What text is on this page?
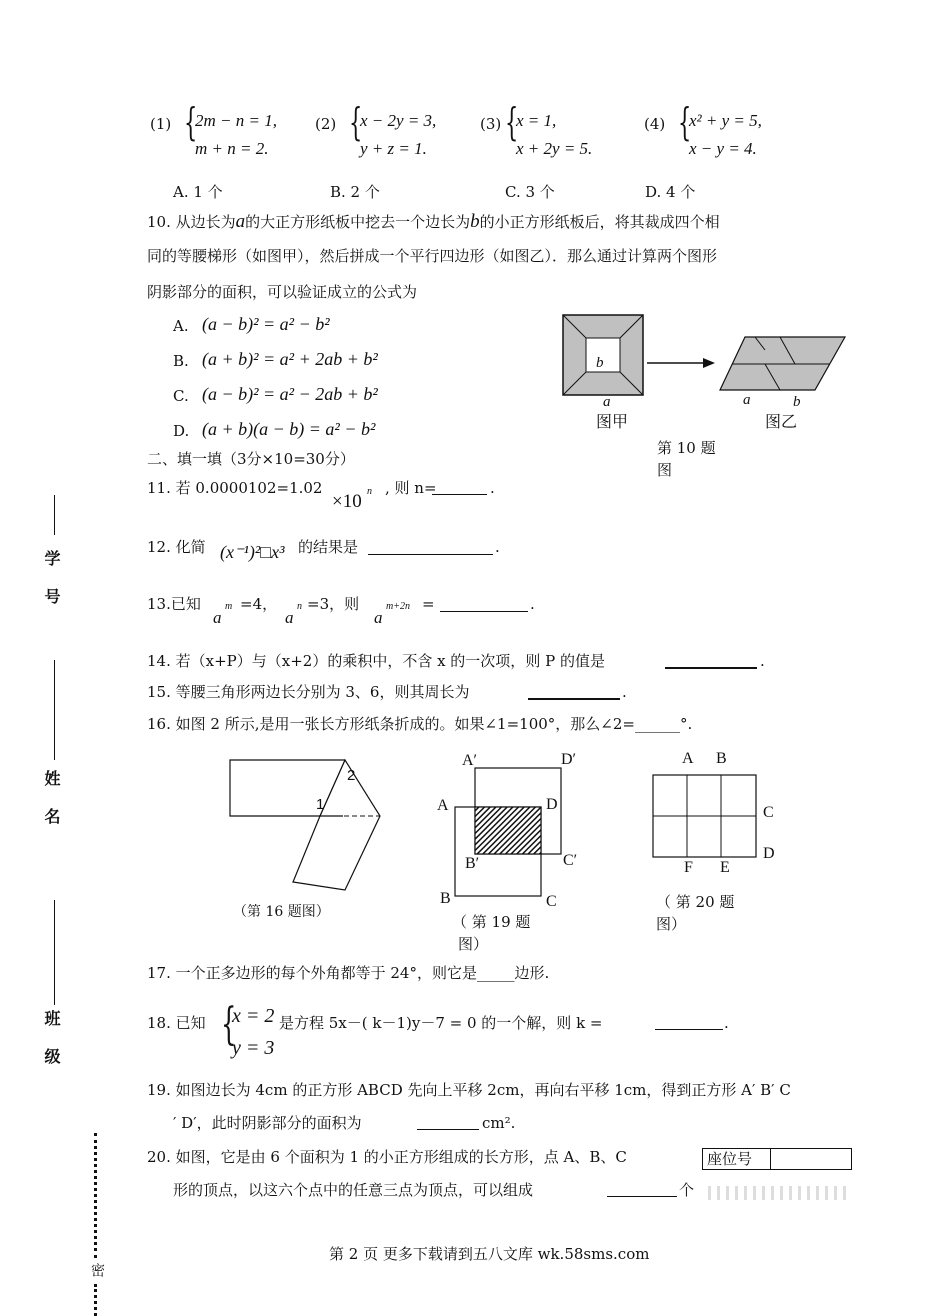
(1) {
2m − n = 1,
m + n = 2.
(2) {
x − 2y = 3,
y + z = 1.
(3) {
x = 1,
x + 2y = 5.
(4) {
x² + y = 5,
x − y = 4.
A. 1 个	B. 2 个	C. 3 个	D. 4 个
10. 从边长为a的大正方形纸板中挖去一个边长为b的小正方形纸板后，将其裁成四个相
同的等腰梯形（如图甲），然后拼成一个平行四边形（如图乙）．那么通过计算两个图形
阴影部分的面积，可以验证成立的公式为
A. (a − b)² = a² − b²
B. (a + b)² = a² + 2ab + b²
C. (a − b)² = a² − 2ab + b²
D. (a + b)(a − b) = a² − b²
b
a	a	b
图甲	图乙
第 10 题
图
二、填一填（3分×10=30分）
11. 若 0.0000102=1.02
×10 n , 则 n=	.
12. 化简 (x⁻¹)²□x³ 的结果是	.
13.已知
a
m =4，
a
n =3，则
a
m+2n =	.
14. 若（x+P）与（x+2）的乘积中，不含 x 的一次项，则 P 的值是	.
15. 等腰三角形两边长分别为 3、6，则其周长为	.
16. 如图 2 所示,是用一张长方形纸条折成的。如果∠1=100°，那么∠2=______°.
2
1
（第 16 题图）
A′	D′
A	D
B′	C′
B	C
（ 第 19 题
图）
A B
C
D
F E
（ 第 20 题
图）
17. 一个正多边形的每个外角都等于 24°，则它是_____边形.
18. 已知 {
x = 2
y = 3
是方程 5x－( k－1)y－7 = 0 的一个解，则 k =	.
19. 如图边长为 4cm 的正方形 ABCD 先向上平移 2cm，再向右平移 1cm，得到正方形 A′ B′ C
′ D′，此时阴影部分的面积为	cm².
20. 如图，它是由 6 个面积为 1 的小正方形组成的长方形，点 A、B、C
形的顶点，以这六个点中的任意三点为顶点，可以组成	个
座位号
学号
姓名
班级
密
第 2 页 更多下载请到五八文库 wk.58sms.com
